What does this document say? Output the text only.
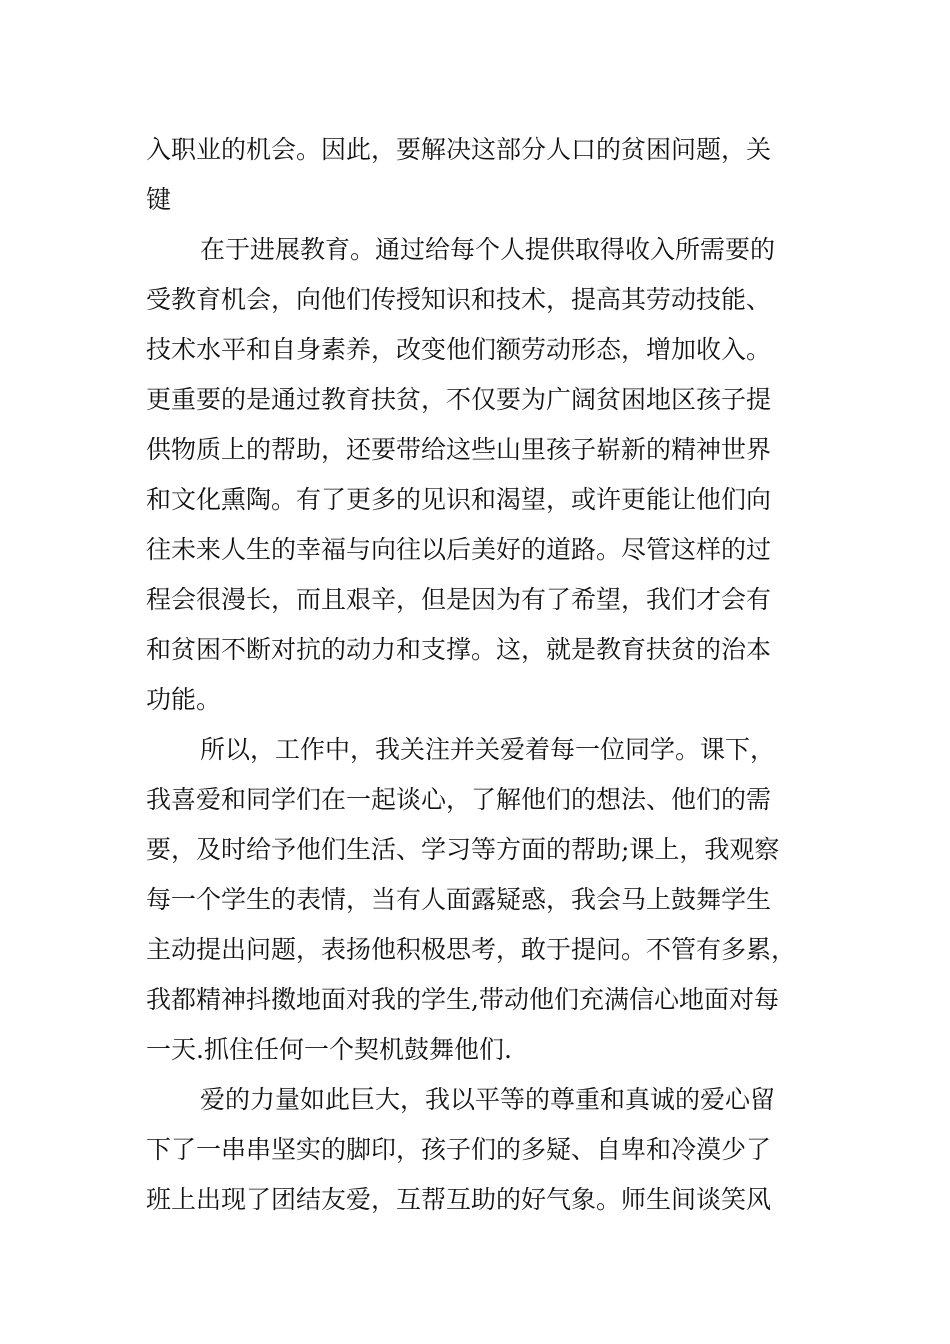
入职业的机会。因此，要解决这部分人口的贫困问题，关
键
在于进展教育。通过给每个人提供取得收入所需要的
受教育机会，向他们传授知识和技术，提高其劳动技能、
技术水平和自身素养，改变他们额劳动形态，增加收入。
更重要的是通过教育扶贫，不仅要为广阔贫困地区孩子提
供物质上的帮助，还要带给这些山里孩子崭新的精神世界
和文化熏陶。有了更多的见识和渴望，或许更能让他们向
往未来人生的幸福与向往以后美好的道路。尽管这样的过
程会很漫长，而且艰辛，但是因为有了希望，我们才会有
和贫困不断对抗的动力和支撑。这，就是教育扶贫的治本
功能。
所以，工作中，我关注并关爱着每一位同学。课下，
我喜爱和同学们在一起谈心，了解他们的想法、他们的需
要，及时给予他们生活、学习等方面的帮助;课上，我观察
每一个学生的表情，当有人面露疑惑，我会马上鼓舞学生
主动提出问题，表扬他积极思考，敢于提问。不管有多累，
我都精神抖擞地面对我的学生,带动他们充满信心地面对每
一天.抓住任何一个契机鼓舞他们.
爱的力量如此巨大，我以平等的尊重和真诚的爱心留
下了一串串坚实的脚印，孩子们的多疑、自卑和冷漠少了
班上出现了团结友爱，互帮互助的好气象。师生间谈笑风
